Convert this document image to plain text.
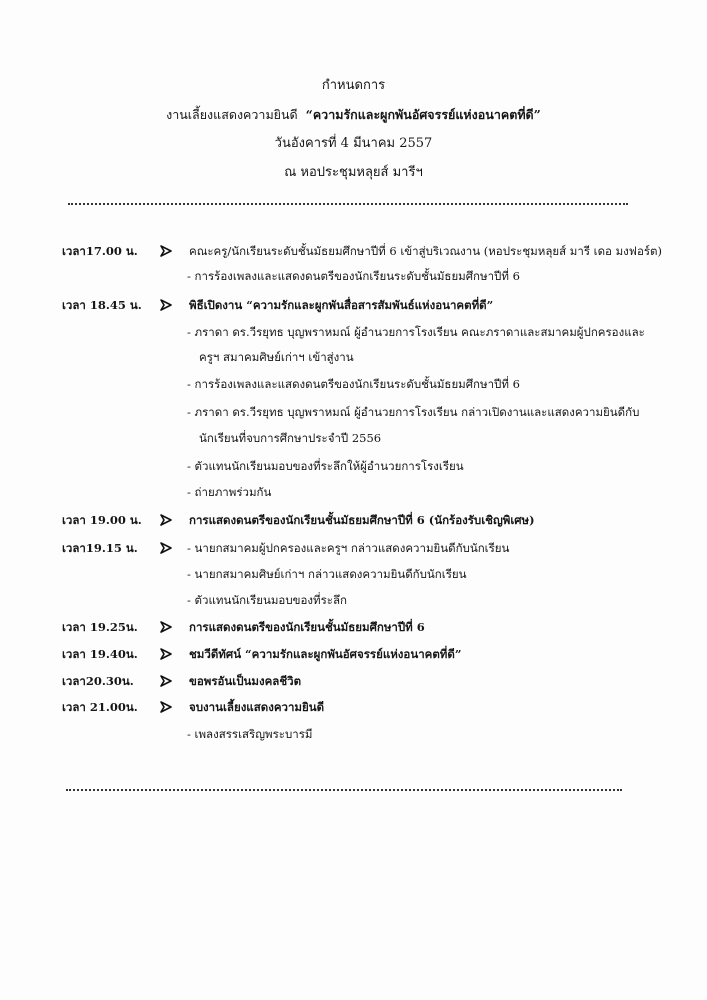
กำหนดการ
งานเลี้ยงแสดงความยินดี “ความรักและผูกพันอัศจรรย์แห่งอนาคตที่ดี”
วันอังคารที่ 4 มีนาคม 2557
ณ หอประชุมหลุยส์ มารีฯ
เวลา17.00 น.	คณะครู/นักเรียนระดับชั้นมัธยมศึกษาปีที่ 6 เข้าสู่บริเวณงาน (หอประชุมหลุยส์ มารี เดอ มงฟอร์ต)
- การร้องเพลงและแสดงดนตรีของนักเรียนระดับชั้นมัธยมศึกษาปีที่ 6
เวลา 18.45 น.	พิธีเปิดงาน “ความรักและผูกพันสื่อสารสัมพันธ์แห่งอนาคตที่ดี”
- ภราดา ดร.วีรยุทธ บุญพราหมณ์ ผู้อำนวยการโรงเรียน คณะภราดาและสมาคมผู้ปกครองและ
ครูฯ สมาคมศิษย์เก่าฯ เข้าสู่งาน
- การร้องเพลงและแสดงดนตรีของนักเรียนระดับชั้นมัธยมศึกษาปีที่ 6
- ภราดา ดร.วีรยุทธ บุญพราหมณ์ ผู้อำนวยการโรงเรียน กล่าวเปิดงานและแสดงความยินดีกับ
นักเรียนที่จบการศึกษาประจำปี 2556
- ตัวแทนนักเรียนมอบของที่ระลึกให้ผู้อำนวยการโรงเรียน
- ถ่ายภาพร่วมกัน
เวลา 19.00 น.	การแสดงดนตรีของนักเรียนชั้นมัธยมศึกษาปีที่ 6 (นักร้องรับเชิญพิเศษ)
เวลา19.15 น.	- นายกสมาคมผู้ปกครองและครูฯ กล่าวแสดงความยินดีกับนักเรียน
- นายกสมาคมศิษย์เก่าฯ กล่าวแสดงความยินดีกับนักเรียน
- ตัวแทนนักเรียนมอบของที่ระลึก
เวลา 19.25น.	การแสดงดนตรีของนักเรียนชั้นมัธยมศึกษาปีที่ 6
เวลา 19.40น.	ชมวีดีทัศน์ “ความรักและผูกพันอัศจรรย์แห่งอนาคตที่ดี”
เวลา20.30น.	ขอพรอันเป็นมงคลชีวิต
เวลา 21.00น.	จบงานเลี้ยงแสดงความยินดี
- เพลงสรรเสริญพระบารมี
